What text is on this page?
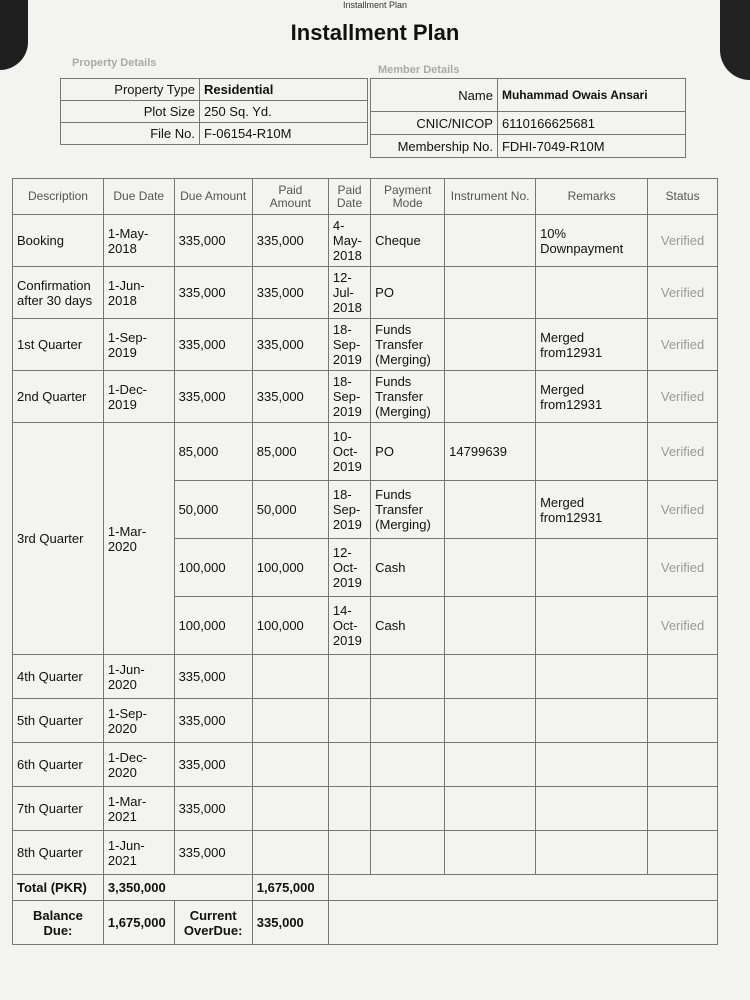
Installment Plan
Installment Plan
Property Details
Member Details
Property Type	Residential
Plot Size	250 Sq. Yd.
File No.	F-06154-R10M
Name	Muhammad Owais Ansari
CNIC/NICOP	6110166625681
Membership No.	FDHI-7049-R10M
Description	Due Date	Due Amount	Paid Amount	Paid Date	Payment Mode	Instrument No.	Remarks	Status
Booking	1-May-2018	335,000	335,000	4-May-2018	Cheque		10% Downpayment	Verified
Confirmation after 30 days	1-Jun-2018	335,000	335,000	12-Jul-2018	PO			Verified
1st Quarter	1-Sep-2019	335,000	335,000	18-Sep-2019	Funds Transfer (Merging)		Merged from12931	Verified
2nd Quarter	1-Dec-2019	335,000	335,000	18-Sep-2019	Funds Transfer (Merging)		Merged from12931	Verified
3rd Quarter	1-Mar-2020	85,000	85,000	10-Oct-2019	PO	14799639		Verified
		50,000	50,000	18-Sep-2019	Funds Transfer (Merging)		Merged from12931	Verified
		100,000	100,000	12-Oct-2019	Cash			Verified
		100,000	100,000	14-Oct-2019	Cash			Verified
4th Quarter	1-Jun-2020	335,000						
5th Quarter	1-Sep-2020	335,000						
6th Quarter	1-Dec-2020	335,000						
7th Quarter	1-Mar-2021	335,000						
8th Quarter	1-Jun-2021	335,000						
Total (PKR)	3,350,000		1,675,000					
Balance Due:	1,675,000	Current OverDue:	335,000					
